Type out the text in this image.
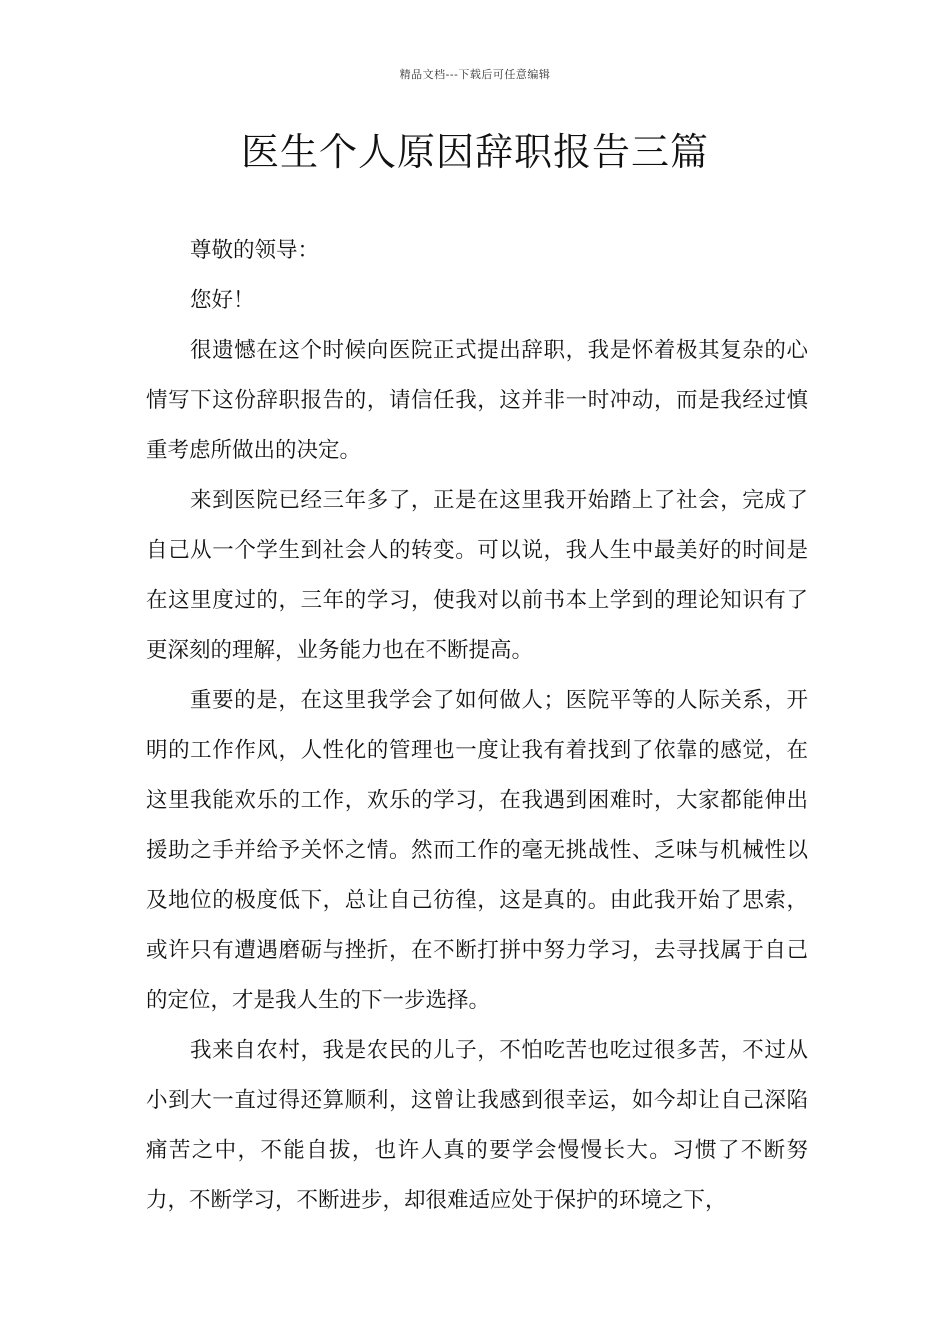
精品文档---下载后可任意编辑
医生个人原因辞职报告三篇

尊敬的领导：

您好！

很遗憾在这个时候向医院正式提出辞职，我是怀着极其复杂的心情写下这份辞职报告的，请信任我，这并非一时冲动，而是我经过慎重考虑所做出的决定。

来到医院已经三年多了，正是在这里我开始踏上了社会，完成了自己从一个学生到社会人的转变。可以说，我人生中最美好的时间是在这里度过的，三年的学习，使我对以前书本上学到的理论知识有了更深刻的理解，业务能力也在不断提高。

重要的是，在这里我学会了如何做人；医院平等的人际关系，开明的工作作风，人性化的管理也一度让我有着找到了依靠的感觉，在这里我能欢乐的工作，欢乐的学习，在我遇到困难时，大家都能伸出援助之手并给予关怀之情。然而工作的毫无挑战性、乏味与机械性以及地位的极度低下，总让自己彷徨，这是真的。由此我开始了思索，或许只有遭遇磨砺与挫折，在不断打拼中努力学习，去寻找属于自己的定位，才是我人生的下一步选择。

我来自农村，我是农民的儿子，不怕吃苦也吃过很多苦，不过从小到大一直过得还算顺利，这曾让我感到很幸运，如今却让自己深陷痛苦之中，不能自拔，也许人真的要学会慢慢长大。习惯了不断努力，不断学习，不断进步，却很难适应处于保护的环境之下，
